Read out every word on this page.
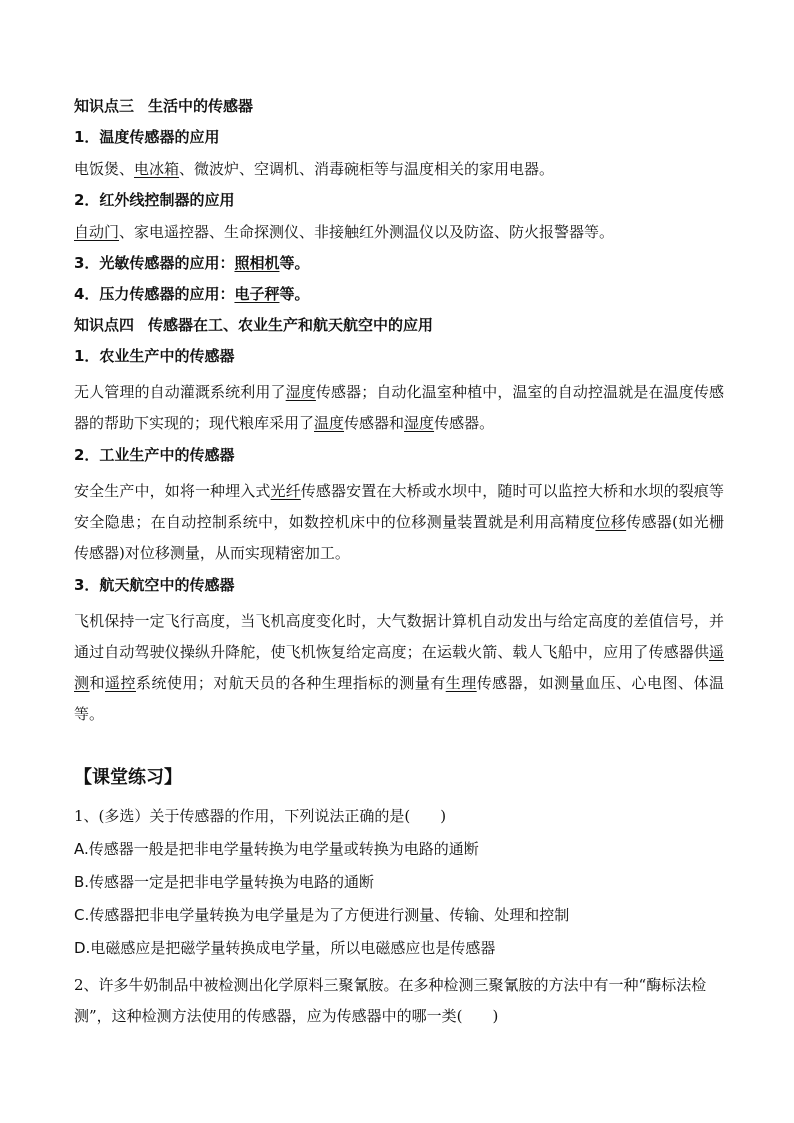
知识点三 生活中的传感器
1．温度传感器的应用
电饭煲、电冰箱、微波炉、空调机、消毒碗柜等与温度相关的家用电器。
2．红外线控制器的应用
自动门、家电遥控器、生命探测仪、非接触红外测温仪以及防盗、防火报警器等。
3．光敏传感器的应用：照相机等。
4．压力传感器的应用：电子秤等。
知识点四 传感器在工、农业生产和航天航空中的应用
1．农业生产中的传感器
无人管理的自动灌溉系统利用了湿度传感器；自动化温室种植中，温室的自动控温就是在温度传感器的帮助下实现的；现代粮库采用了温度传感器和湿度传感器。
2．工业生产中的传感器
安全生产中，如将一种埋入式光纤传感器安置在大桥或水坝中，随时可以监控大桥和水坝的裂痕等安全隐患；在自动控制系统中，如数控机床中的位移测量装置就是利用高精度位移传感器(如光栅传感器)对位移测量，从而实现精密加工。
3．航天航空中的传感器
飞机保持一定飞行高度，当飞机高度变化时，大气数据计算机自动发出与给定高度的差值信号，并通过自动驾驶仪操纵升降舵，使飞机恢复给定高度；在运载火箭、载人飞船中，应用了传感器供遥测和遥控系统使用；对航天员的各种生理指标的测量有生理传感器，如测量血压、心电图、体温等。
【课堂练习】
1、(多选）关于传感器的作用，下列说法正确的是(　　)
A.传感器一般是把非电学量转换为电学量或转换为电路的通断
B.传感器一定是把非电学量转换为电路的通断
C.传感器把非电学量转换为电学量是为了方便进行测量、传输、处理和控制
D.电磁感应是把磁学量转换成电学量，所以电磁感应也是传感器
2、许多牛奶制品中被检测出化学原料三聚氰胺。在多种检测三聚氰胺的方法中有一种“酶标法检测”，这种检测方法使用的传感器，应为传感器中的哪一类(　　)
